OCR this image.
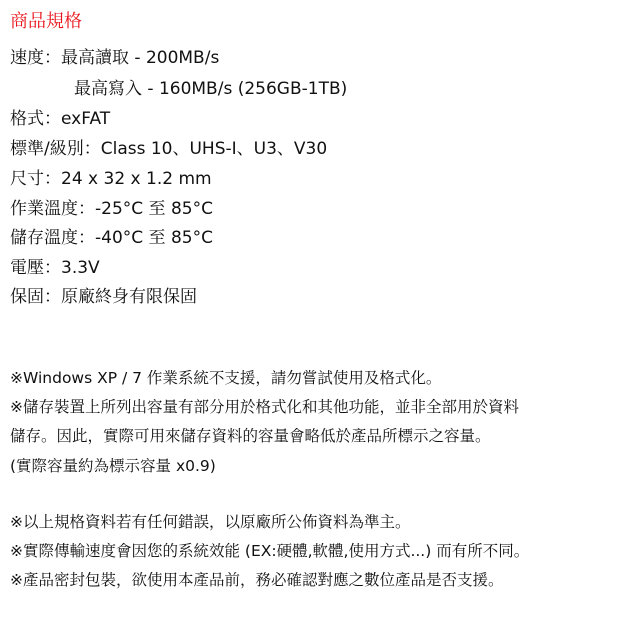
商品規格
速度：最高讀取 - 200MB/s
最高寫入 - 160MB/s (256GB-1TB)
格式：exFAT
標準/級別：Class 10、UHS-I、U3、V30
尺寸：24 x 32 x 1.2 mm
作業溫度：-25°C 至 85°C
儲存溫度：-40°C 至 85°C
電壓：3.3V
保固：原廠終身有限保固
※Windows XP / 7 作業系統不支援，請勿嘗試使用及格式化。
※儲存裝置上所列出容量有部分用於格式化和其他功能，並非全部用於資料
儲存。因此，實際可用來儲存資料的容量會略低於產品所標示之容量。
(實際容量約為標示容量 x0.9)
※以上規格資料若有任何錯誤，以原廠所公佈資料為準主。
※實際傳輸速度會因您的系統效能 (EX:硬體,軟體,使用方式...) 而有所不同。
※產品密封包裝，欲使用本產品前，務必確認對應之數位產品是否支援。
